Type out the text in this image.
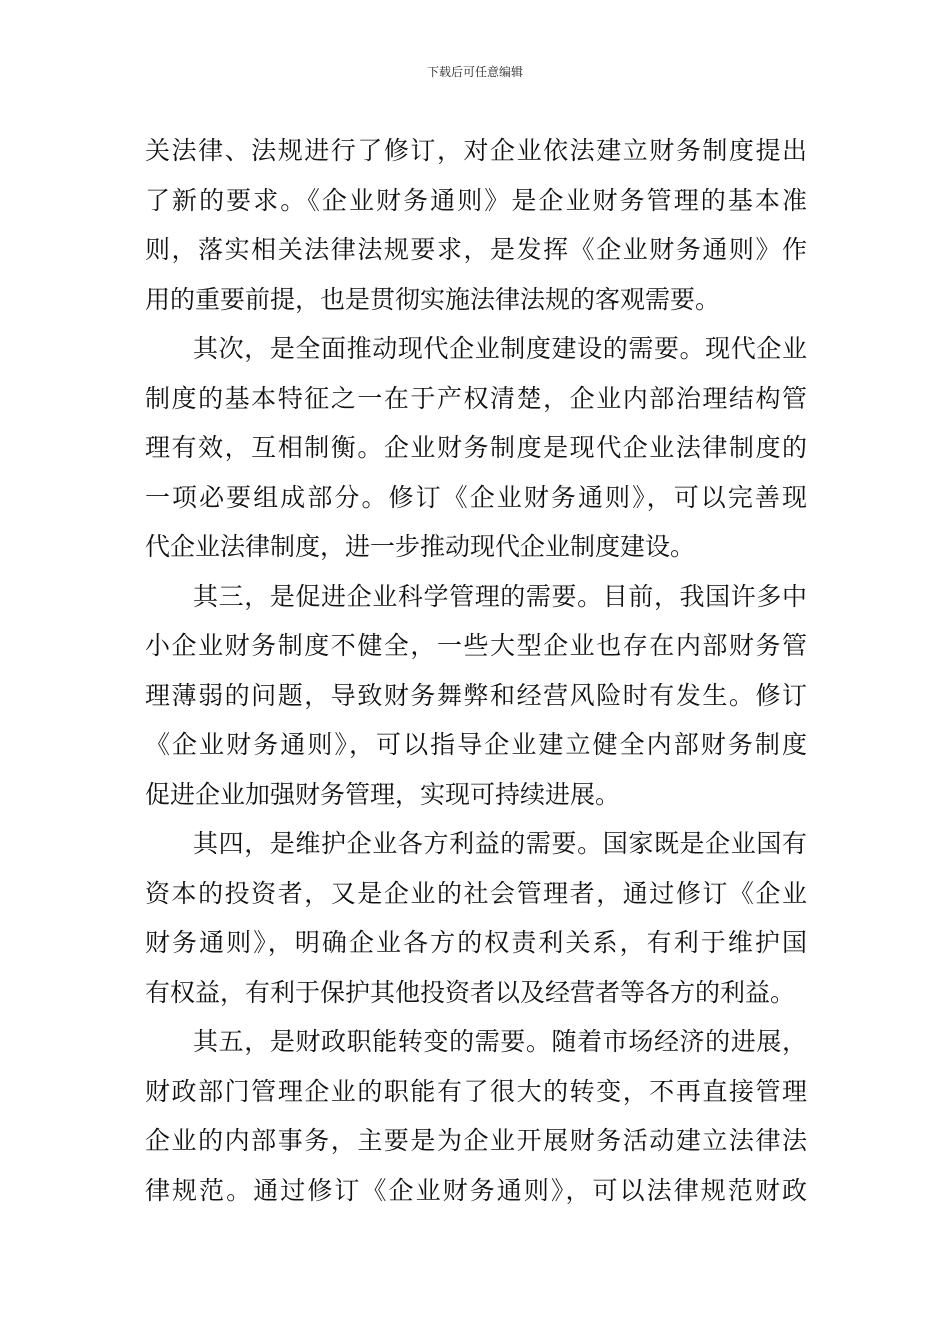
下载后可任意编辑
关法律、法规进行了修订，对企业依法建立财务制度提出
了新的要求。《企业财务通则》是企业财务管理的基本准
则，落实相关法律法规要求，是发挥《企业财务通则》作
用的重要前提，也是贯彻实施法律法规的客观需要。
其次，是全面推动现代企业制度建设的需要。现代企业
制度的基本特征之一在于产权清楚，企业内部治理结构管
理有效，互相制衡。企业财务制度是现代企业法律制度的
一项必要组成部分。修订《企业财务通则》，可以完善现
代企业法律制度，进一步推动现代企业制度建设。
其三，是促进企业科学管理的需要。目前，我国许多中
小企业财务制度不健全，一些大型企业也存在内部财务管
理薄弱的问题，导致财务舞弊和经营风险时有发生。修订
《企业财务通则》，可以指导企业建立健全内部财务制度
促进企业加强财务管理，实现可持续进展。
其四，是维护企业各方利益的需要。国家既是企业国有
资本的投资者，又是企业的社会管理者，通过修订《企业
财务通则》，明确企业各方的权责利关系，有利于维护国
有权益，有利于保护其他投资者以及经营者等各方的利益。
其五，是财政职能转变的需要。随着市场经济的进展，
财政部门管理企业的职能有了很大的转变，不再直接管理
企业的内部事务，主要是为企业开展财务活动建立法律法
律规范。通过修订《企业财务通则》，可以法律规范财政
